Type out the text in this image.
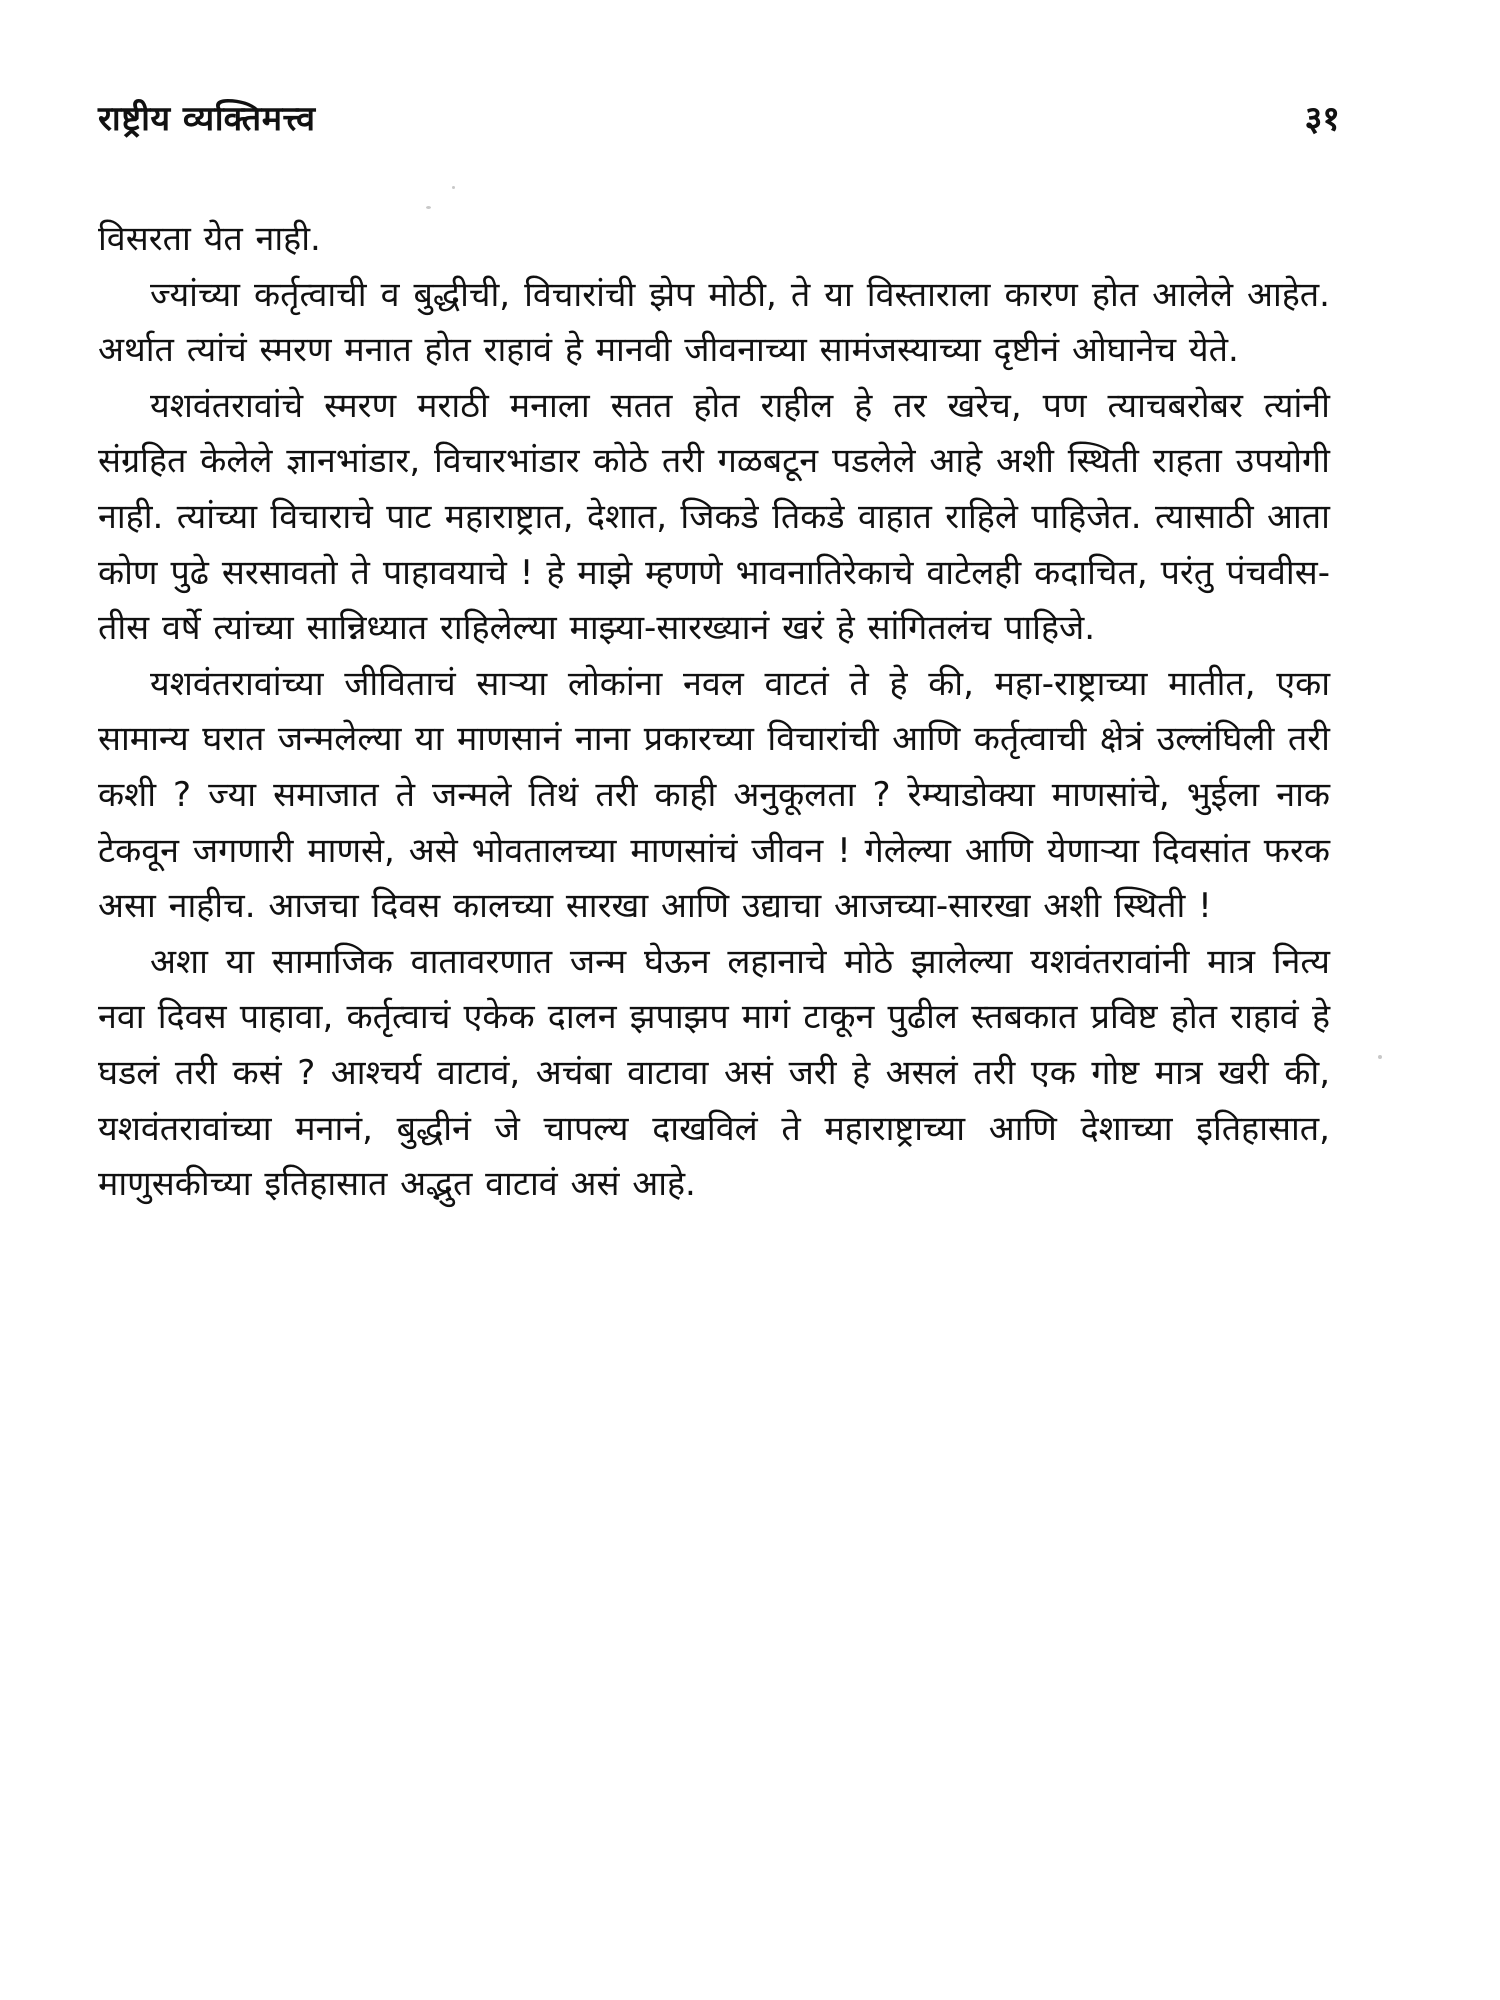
राष्ट्रीय व्यक्तिमत्त्व	३१

विसरता येत नाही.

ज्यांच्या कर्तृत्वाची व बुद्धीची, विचारांची झेप मोठी, ते या विस्ताराला कारण होत आलेले आहेत. अर्थात त्यांचं स्मरण मनात होत राहावं हे मानवी जीवनाच्या सामंजस्याच्या दृष्टीनं ओघानेच येते.

यशवंतरावांचे स्मरण मराठी मनाला सतत होत राहील हे तर खरेच, पण त्याचबरोबर त्यांनी संग्रहित केलेले ज्ञानभांडार, विचारभांडार कोठे तरी गळबटून पडलेले आहे अशी स्थिती राहता उपयोगी नाही. त्यांच्या विचाराचे पाट महाराष्ट्रात, देशात, जिकडे तिकडे वाहात राहिले पाहिजेत. त्यासाठी आता कोण पुढे सरसावतो ते पाहावयाचे ! हे माझे म्हणणे भावनातिरेकाचे वाटेलही कदाचित, परंतु पंचवीस-तीस वर्षे त्यांच्या सान्निध्यात राहिलेल्या माझ्या-सारख्यानं खरं हे सांगितलंच पाहिजे.

यशवंतरावांच्या जीविताचं साऱ्या लोकांना नवल वाटतं ते हे की, महा-राष्ट्राच्या मातीत, एका सामान्य घरात जन्मलेल्या या माणसानं नाना प्रकारच्या विचारांची आणि कर्तृत्वाची क्षेत्रं उल्लंघिली तरी कशी ? ज्या समाजात ते जन्मले तिथं तरी काही अनुकूलता ? रेम्याडोक्या माणसांचे, भुईला नाक टेकवून जगणारी माणसे, असे भोवतालच्या माणसांचं जीवन ! गेलेल्या आणि येणाऱ्या दिवसांत फरक असा नाहीच. आजचा दिवस कालच्या सारखा आणि उद्याचा आजच्या-सारखा अशी स्थिती !

अशा या सामाजिक वातावरणात जन्म घेऊन लहानाचे मोठे झालेल्या यशवंतरावांनी मात्र नित्य नवा दिवस पाहावा, कर्तृत्वाचं एकेक दालन झपाझप मागं टाकून पुढील स्तबकात प्रविष्ट होत राहावं हे घडलं तरी कसं ? आश्चर्य वाटावं, अचंबा वाटावा असं जरी हे असलं तरी एक गोष्ट मात्र खरी की, यशवंतरावांच्या मनानं, बुद्धीनं जे चापल्य दाखविलं ते महाराष्ट्राच्या आणि देशाच्या इतिहासात, माणुसकीच्या इतिहासात अद्भुत वाटावं असं आहे.
